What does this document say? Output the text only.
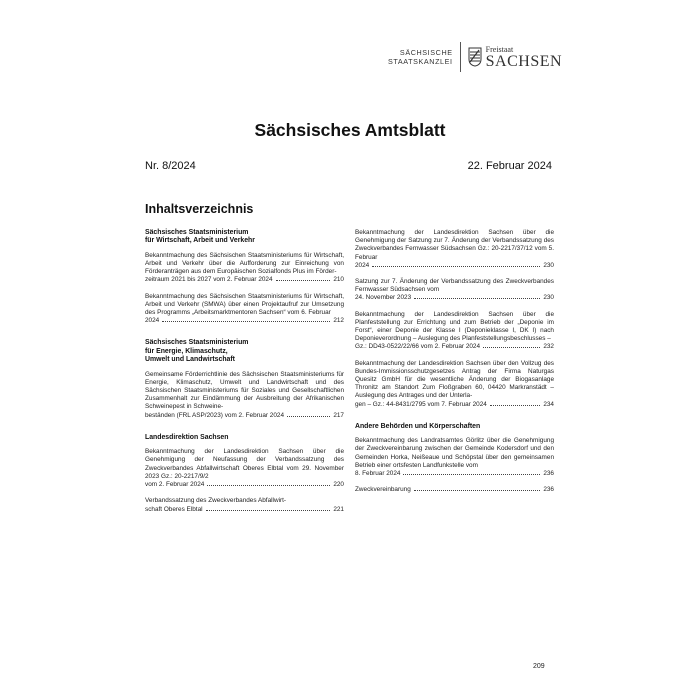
SÄCHSISCHE
STAATSKANZLEI
Freistaat
SACHSEN
Sächsisches Amtsblatt
Nr. 8/2024	22. Februar 2024
Inhaltsverzeichnis
Sächsisches Staatsministerium
für Wirtschaft, Arbeit und Verkehr
Bekanntmachung des Sächsischen Staatsministeriums für Wirtschaft, Arbeit und Verkehr über die Aufforderung zur Einreichung von Förderanträgen aus dem Europäischen Sozialfonds Plus im Förder-
zeitraum 2021 bis 2027 vom 2. Februar 2024	210
Bekanntmachung des Sächsischen Staatsministeriums für Wirtschaft, Arbeit und Verkehr (SMWA) über einen Projektaufruf zur Umsetzung des Programms „Arbeitsmarktmentoren Sachsen“ vom 6. Februar
2024	212
Sächsisches Staatsministerium
für Energie, Klimaschutz,
Umwelt und Landwirtschaft
Gemeinsame Förderrichtlinie des Sächsischen Staatsministeriums für Energie, Klimaschutz, Umwelt und Landwirtschaft und des Sächsischen Staatsministeriums für Soziales und Gesellschaftlichen Zusammenhalt zur Eindämmung der Ausbreitung der Afrikanischen Schweinepest in Schweine-
beständen (FRL ASP/2023) vom 2. Februar 2024	217
Landesdirektion Sachsen
Bekanntmachung der Landesdirektion Sachsen über die Genehmigung der Neufassung der Verbandssatzung des Zweckverbandes Abfallwirtschaft Oberes Elbtal vom 29. November 2023 Gz.: 20-2217/9/2
vom 2. Februar 2024	220
Verbandssatzung des Zweckverbandes Abfallwirt-
schaft Oberes Elbtal	221
Bekanntmachung der Landesdirektion Sachsen über die Genehmigung der Satzung zur 7. Änderung der Verbandssatzung des Zweckverbandes Fernwasser Südsachsen Gz.: 20-2217/37/12 vom 5. Februar
2024	230
Satzung zur 7. Änderung der Verbandssatzung des Zweckverbandes Fernwasser Südsachsen vom
24. November 2023	230
Bekanntmachung der Landesdirektion Sachsen über die Planfeststellung zur Errichtung und zum Betrieb der „Deponie im Forst“, einer Deponie der Klasse I (Deponieklasse I, DK I) nach Deponieverordnung – Auslegung des Planfeststellungsbeschlusses –
Gz.: DD43-0522/22/66 vom 2. Februar 2024	232
Bekanntmachung der Landesdirektion Sachsen über den Vollzug des Bundes-Immissionsschutzgesetzes Antrag der Firma Naturgas Quesitz GmbH für die wesentliche Änderung der Biogasanlage Thronitz am Standort Zum Floßgraben 60, 04420 Markranstädt – Auslegung des Antrages und der Unterla-
gen – Gz.: 44-8431/2795 vom 7. Februar 2024	234
Andere Behörden und Körperschaften
Bekanntmachung des Landratsamtes Görlitz über die Genehmigung der Zweckvereinbarung zwischen der Gemeinde Kodersdorf und den Gemeinden Horka, Neißeaue und Schöpstal über den gemeinsamen Betrieb einer ortsfesten Landfunkstelle vom
8. Februar 2024	236
Zweckvereinbarung	236
209
